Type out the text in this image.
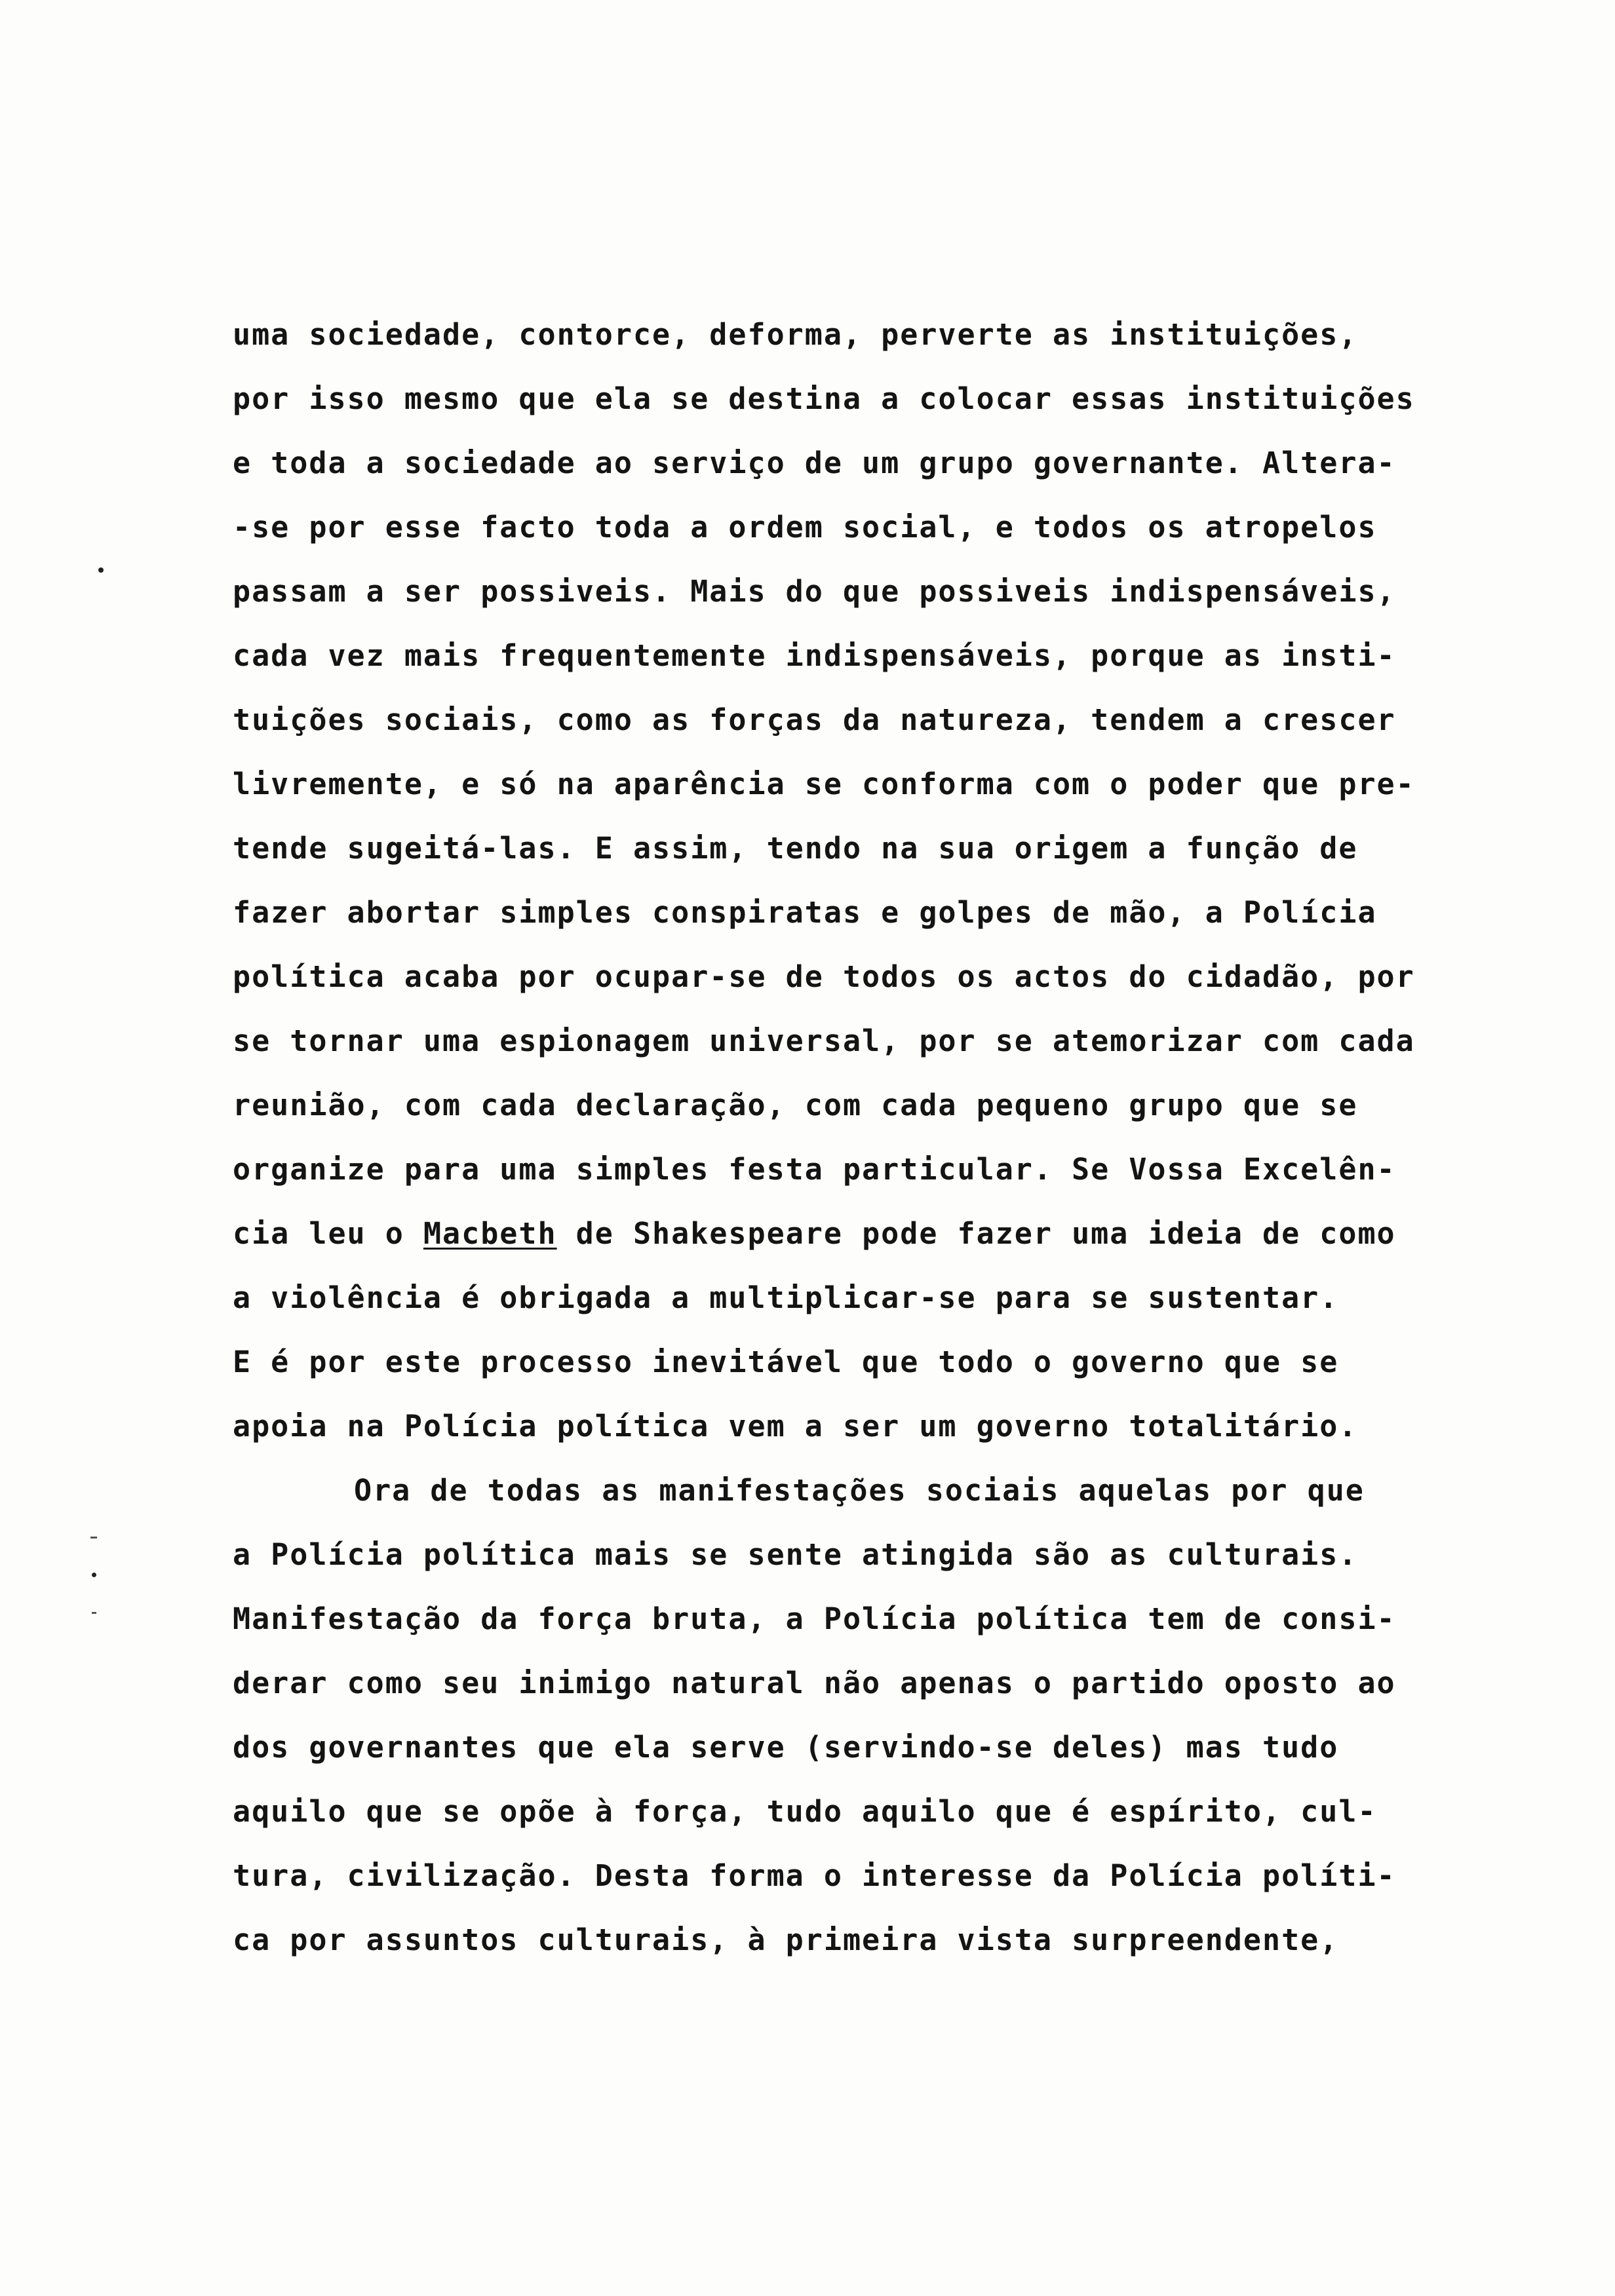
uma sociedade, contorce, deforma, perverte as instituições,
por isso mesmo que ela se destina a colocar essas instituições
e toda a sociedade ao serviço de um grupo governante. Altera-
-se por esse facto toda a ordem social, e todos os atropelos
passam a ser possiveis. Mais do que possiveis indispensáveis,
cada vez mais frequentemente indispensáveis, porque as insti-
tuições sociais, como as forças da natureza, tendem a crescer
livremente, e só na aparência se conforma com o poder que pre-
tende sugeitá-las. E assim, tendo na sua origem a função de
fazer abortar simples conspiratas e golpes de mão, a Polícia
política acaba por ocupar-se de todos os actos do cidadão, por
se tornar uma espionagem universal, por se atemorizar com cada
reunião, com cada declaração, com cada pequeno grupo que se
organize para uma simples festa particular. Se Vossa Excelên-
cia leu o Macbeth de Shakespeare pode fazer uma ideia de como
a violência é obrigada a multiplicar-se para se sustentar.
E é por este processo inevitável que todo o governo que se
apoia na Polícia política vem a ser um governo totalitário.
Ora de todas as manifestações sociais aquelas por que
a Polícia política mais se sente atingida são as culturais.
Manifestação da força bruta, a Polícia política tem de consi-
derar como seu inimigo natural não apenas o partido oposto ao
dos governantes que ela serve (servindo-se deles) mas tudo
aquilo que se opõe à força, tudo aquilo que é espírito, cul-
tura, civilização. Desta forma o interesse da Polícia políti-
ca por assuntos culturais, à primeira vista surpreendente,
